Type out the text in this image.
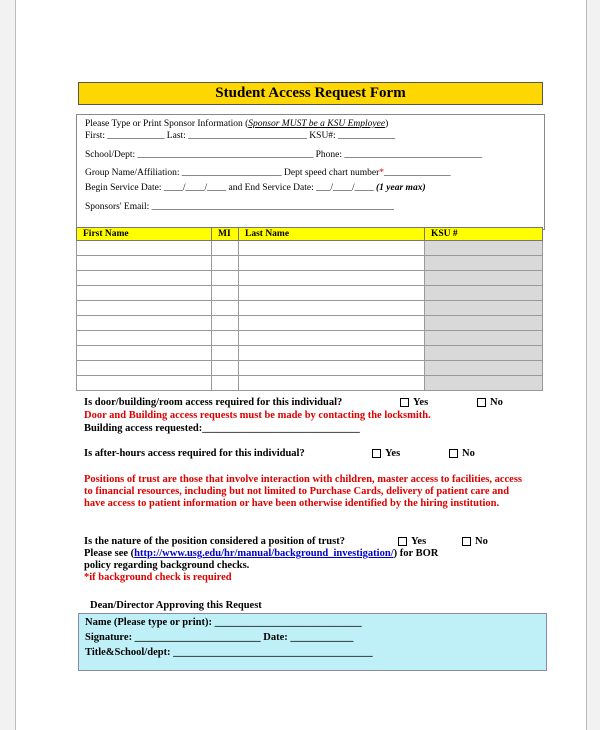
Student Access Request Form
Please Type or Print Sponsor Information (Sponsor MUST be a KSU Employee)
First: ____________ Last: _________________________ KSU#: ____________
School/Dept: _____________________________________ Phone: _____________________________
Group Name/Affiliation: _____________________ Dept speed chart number*______________
Begin Service Date: ____/____/____ and End Service Date: ___/____/____ (1 year max)
Sponsors' Email: ___________________________________________________
First Name	MI	Last Name	KSU #

Is door/building/room access required for this individual?	Yes	No
Door and Building access requests must be made by contacting the locksmith.
Building access requested:______________________________
Is after-hours access required for this individual?	Yes	No
Positions of trust are those that involve interaction with children, master access to facilities, access to financial resources, including but not limited to Purchase Cards, delivery of patient care and have access to patient information or have been otherwise identified by the hiring institution.
Is the nature of the position considered a position of trust?	Yes	No
Please see (http://www.usg.edu/hr/manual/background_investigation/) for BOR
policy regarding background checks.
*if background check is required
Dean/Director Approving this Request
Name (Please type or print): ____________________________
Signature: ________________________ Date: ____________
Title&School/dept: ______________________________________
